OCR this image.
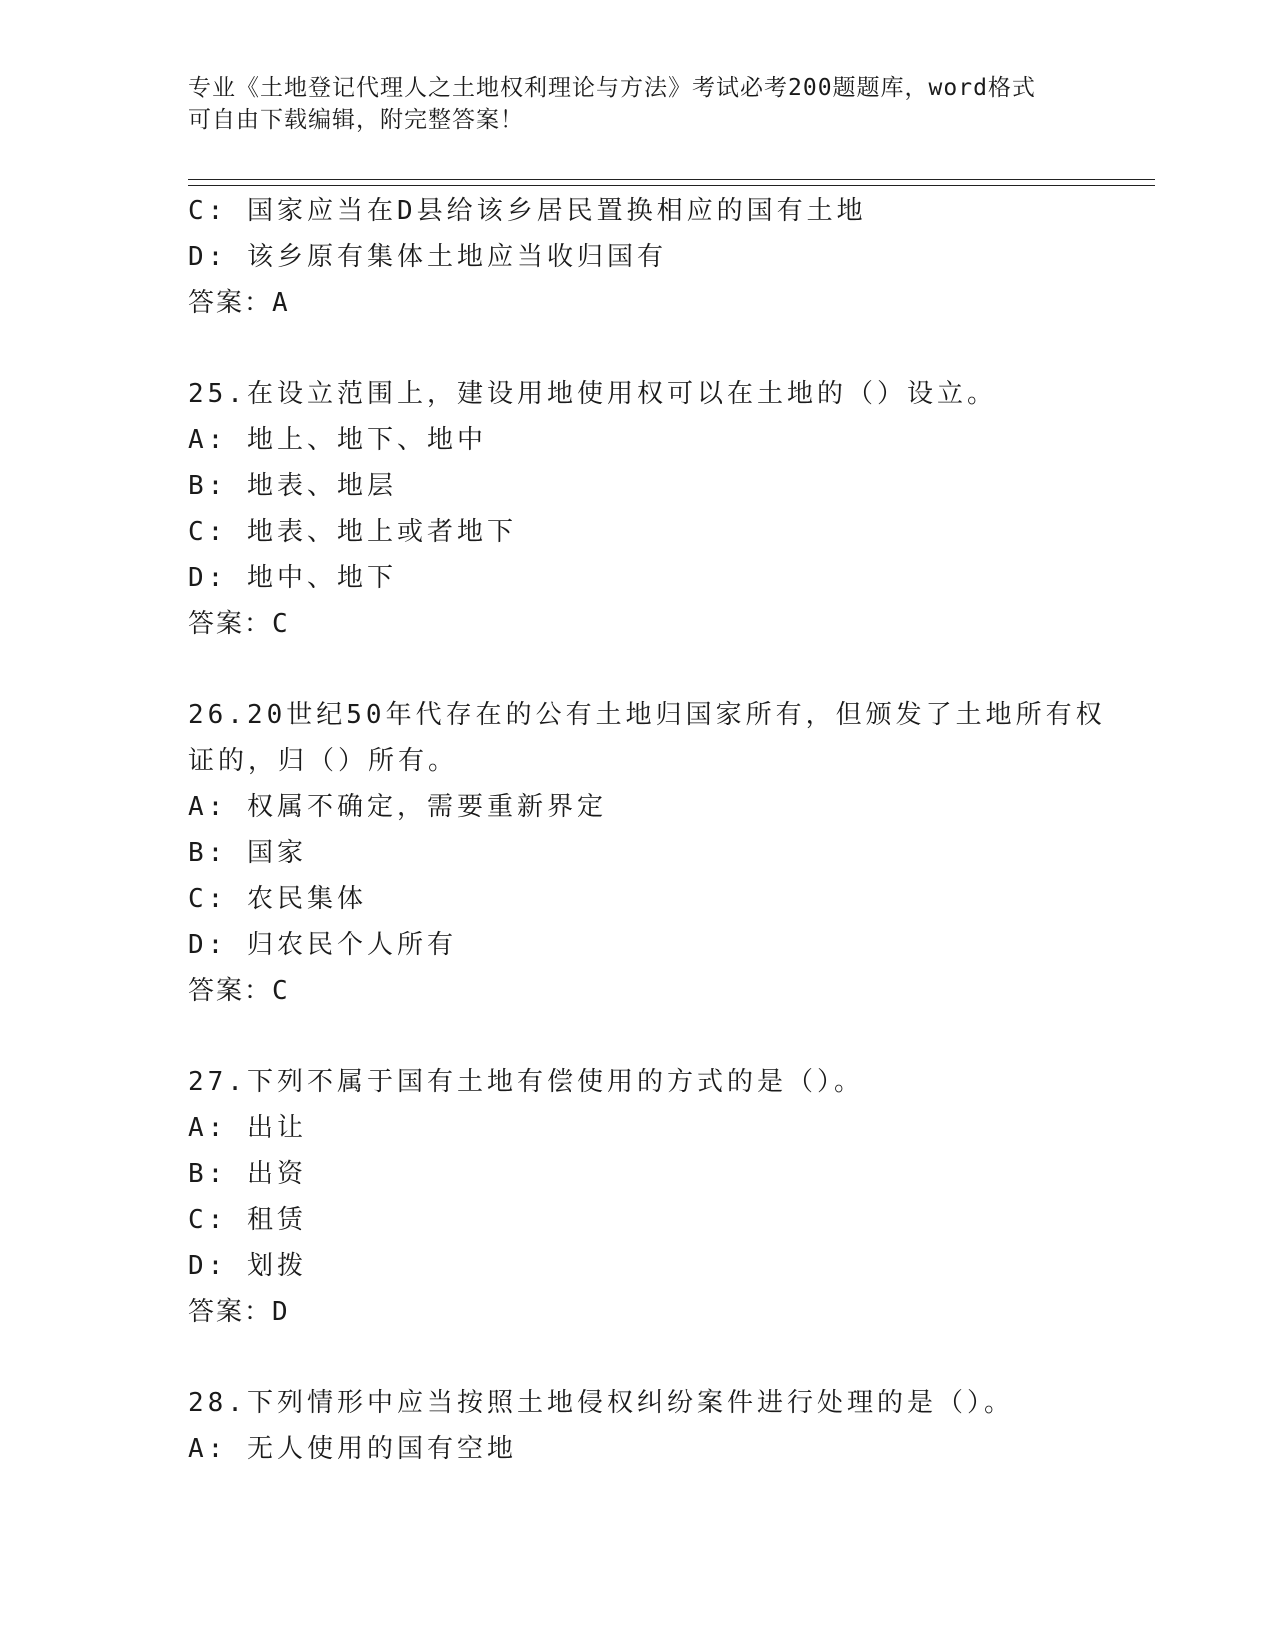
专业《土地登记代理人之土地权利理论与方法》考试必考200题题库，word格式
可自由下载编辑，附完整答案！
C: 国家应当在D县给该乡居民置换相应的国有土地
D: 该乡原有集体土地应当收归国有
答案：A
25.在设立范围上，建设用地使用权可以在土地的（）设立。
A: 地上、地下、地中
B: 地表、地层
C: 地表、地上或者地下
D: 地中、地下
答案：C
26.20世纪50年代存在的公有土地归国家所有，但颁发了土地所有权
证的，归（）所有。
A: 权属不确定，需要重新界定
B: 国家
C: 农民集体
D: 归农民个人所有
答案：C
27.下列不属于国有土地有偿使用的方式的是（）。
A: 出让
B: 出资
C: 租赁
D: 划拨
答案：D
28.下列情形中应当按照土地侵权纠纷案件进行处理的是（）。
A: 无人使用的国有空地
